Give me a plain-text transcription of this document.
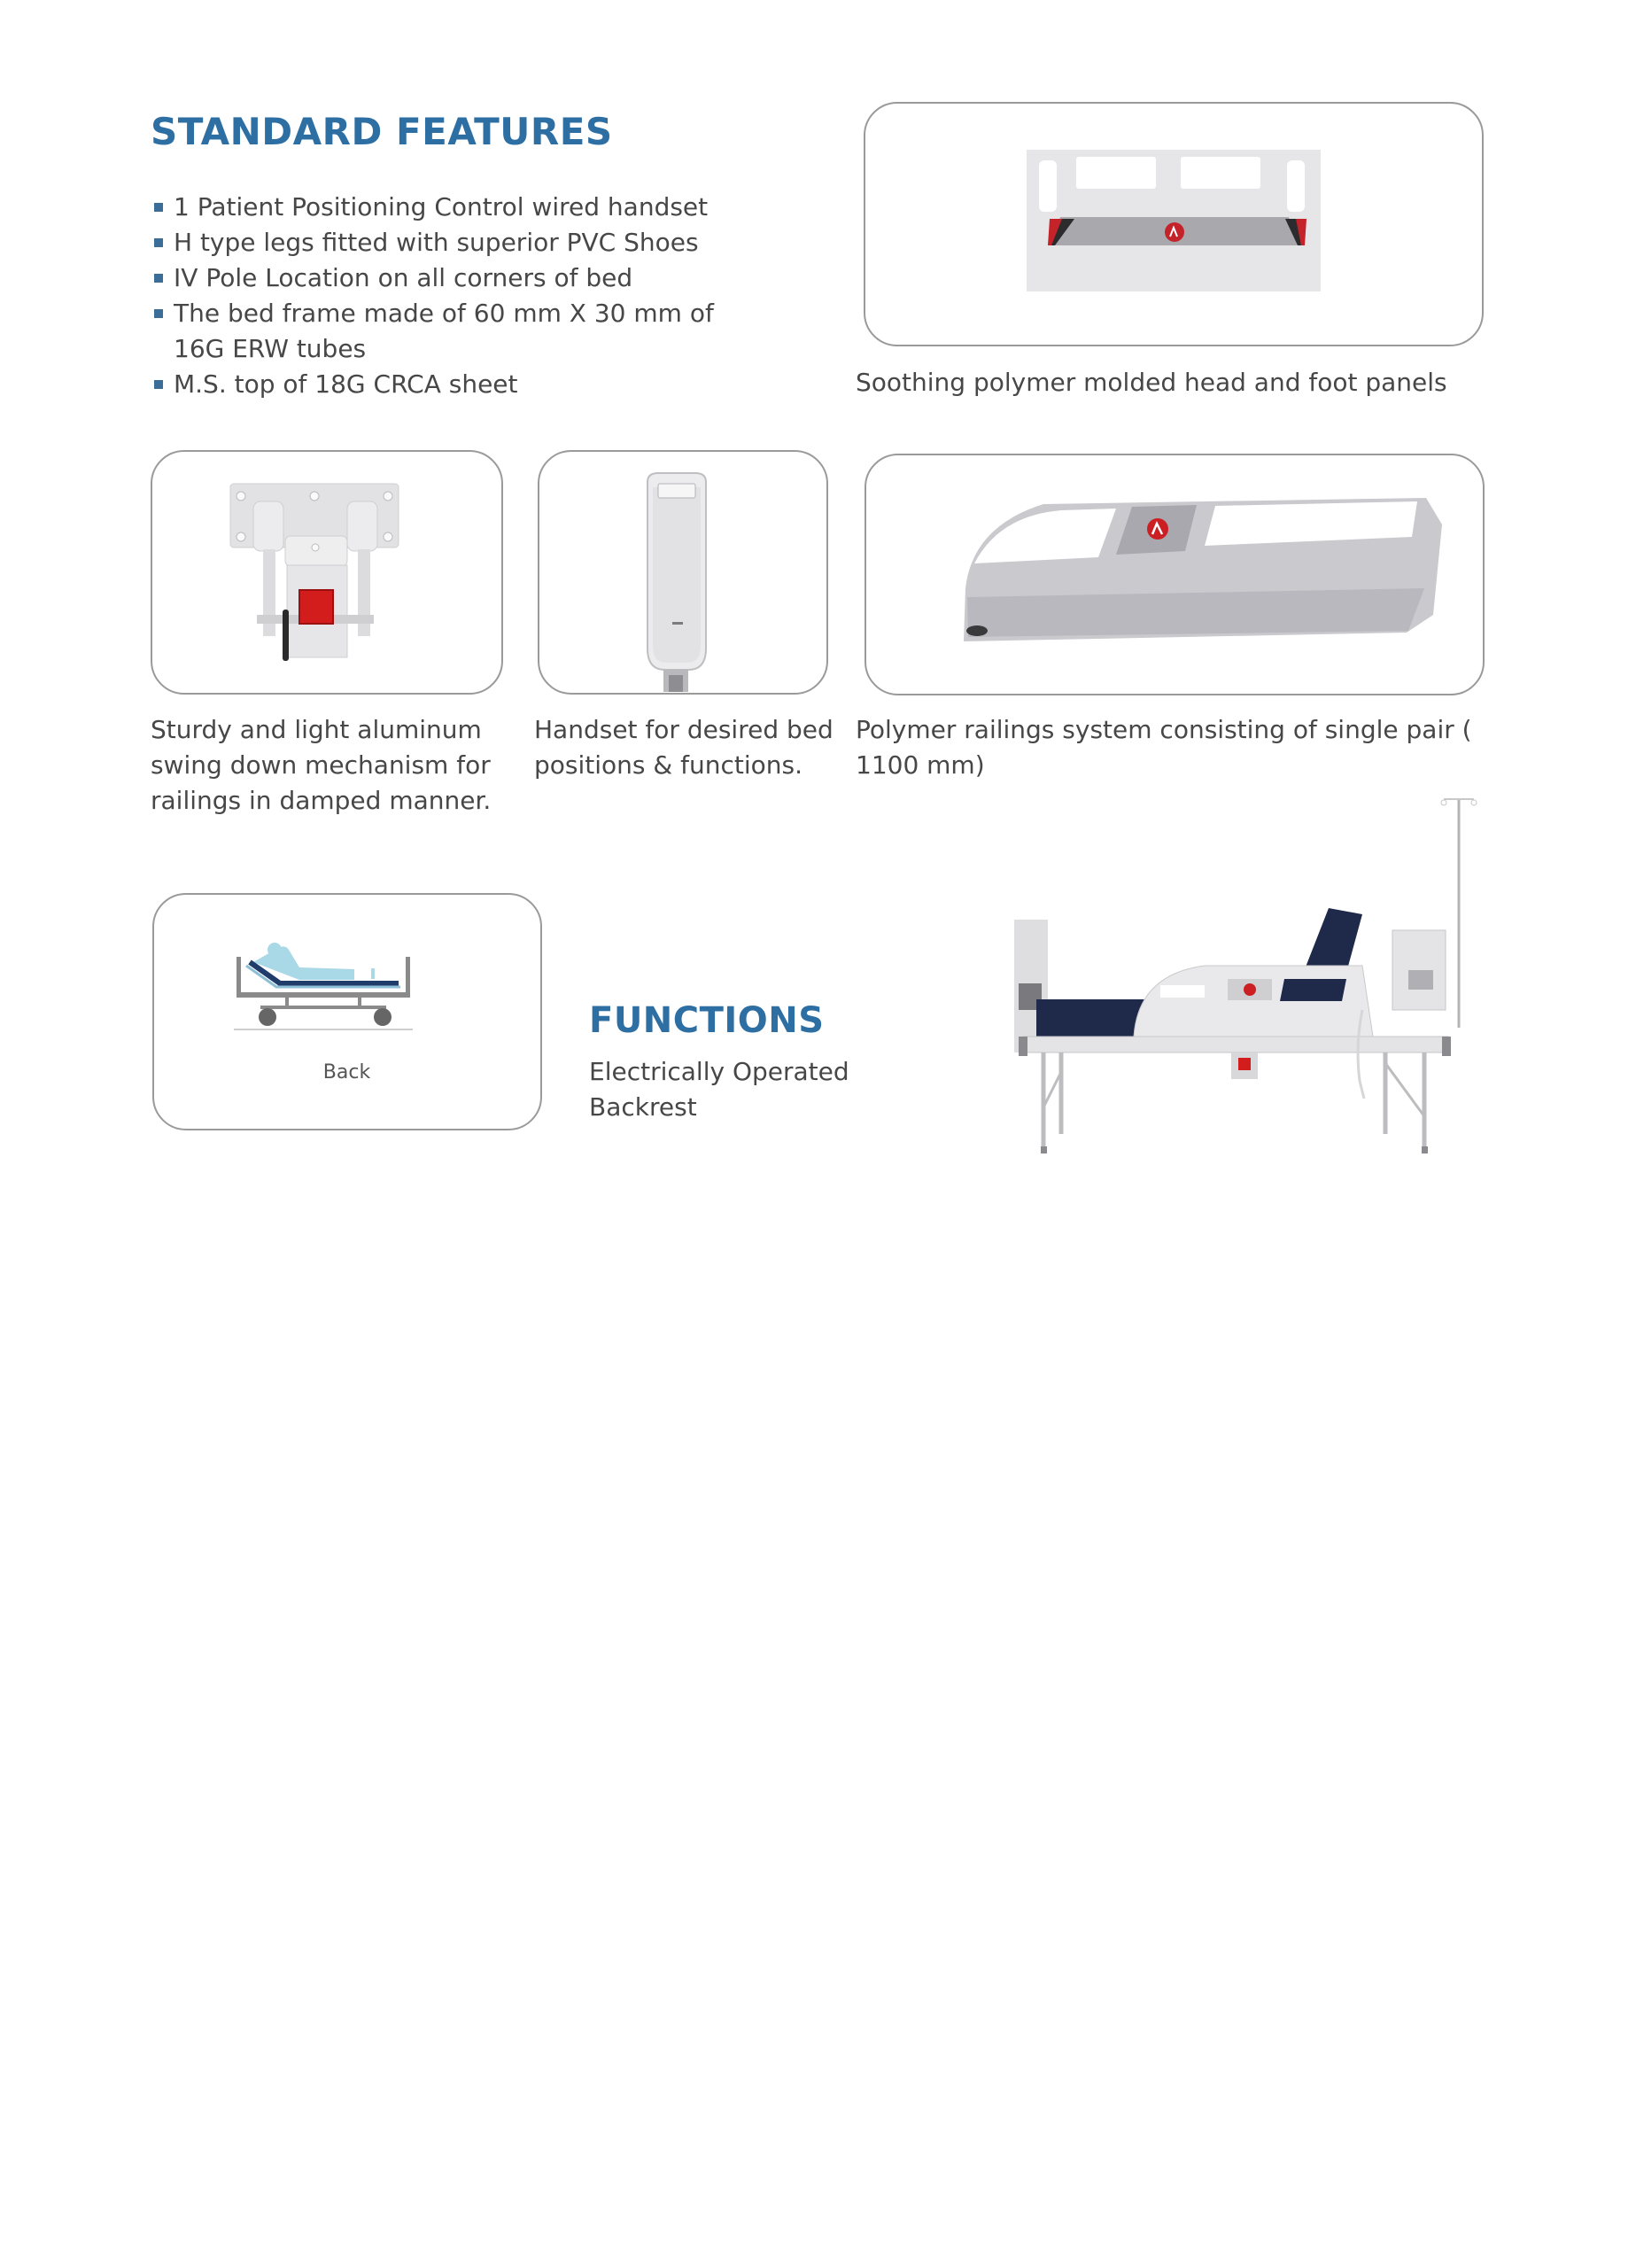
STANDARD FEATURES
1 Patient Positioning Control wired handset
H type legs fitted with superior PVC Shoes
IV Pole Location on all corners of bed
The bed frame made of 60 mm X 30 mm of 16G ERW tubes
M.S. top of 18G CRCA sheet	Soothing polymer molded head and foot panels
Sturdy and light aluminum swing down mechanism for railings in damped manner.
Handset for desired bed positions & functions.
Polymer railings system consisting of single pair ( 1100 mm)
Back
FUNCTIONS
Electrically Operated Backrest
